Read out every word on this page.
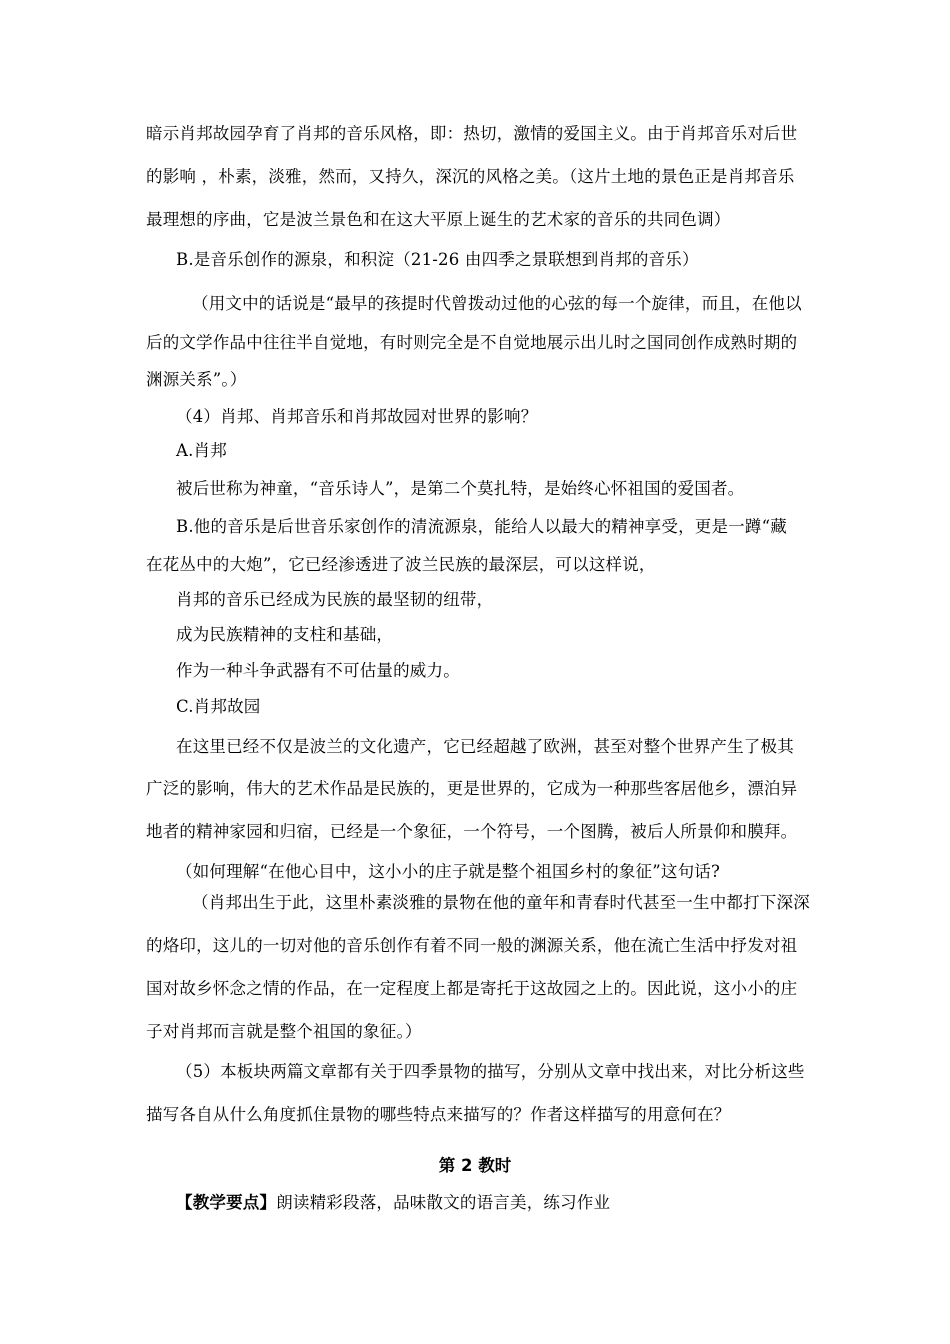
暗示肖邦故园孕育了肖邦的音乐风格，即：热切，激情的爱国主义。由于肖邦音乐对后世
的影响 ，朴素，淡雅，然而，又持久，深沉的风格之美。（这片土地的景色正是肖邦音乐
最理想的序曲，它是波兰景色和在这大平原上诞生的艺术家的音乐的共同色调）
B.是音乐创作的源泉，和积淀（21-26 由四季之景联想到肖邦的音乐）
（用文中的话说是“最早的孩提时代曾拨动过他的心弦的每一个旋律，而且，在他以
后的文学作品中往往半自觉地，有时则完全是不自觉地展示出儿时之国同创作成熟时期的
渊源关系”。）
（4）肖邦、肖邦音乐和肖邦故园对世界的影响？
A.肖邦
被后世称为神童，“音乐诗人”，是第二个莫扎特，是始终心怀祖国的爱国者。
B.他的音乐是后世音乐家创作的清流源泉，能给人以最大的精神享受，更是一蹲“藏
在花丛中的大炮”，它已经渗透进了波兰民族的最深层，可以这样说，
肖邦的音乐已经成为民族的最坚韧的纽带，
成为民族精神的支柱和基础，
作为一种斗争武器有不可估量的威力。
C.肖邦故园
在这里已经不仅是波兰的文化遗产，它已经超越了欧洲，甚至对整个世界产生了极其
广泛的影响，伟大的艺术作品是民族的，更是世界的，它成为一种那些客居他乡，漂泊异
地者的精神家园和归宿，已经是一个象征，一个符号，一个图腾，被后人所景仰和膜拜。
（如何理解“在他心目中，这小小的庄子就是整个祖国乡村的象征”这句话?
（肖邦出生于此，这里朴素淡雅的景物在他的童年和青春时代甚至一生中都打下深深
的烙印，这儿的一切对他的音乐创作有着不同一般的渊源关系，他在流亡生活中抒发对祖
国对故乡怀念之情的作品，在一定程度上都是寄托于这故园之上的。因此说，这小小的庄
子对肖邦而言就是整个祖国的象征。）
（5）本板块两篇文章都有关于四季景物的描写，分别从文章中找出来，对比分析这些
描写各自从什么角度抓住景物的哪些特点来描写的？作者这样描写的用意何在？
第 2 教时
【教学要点】朗读精彩段落，品味散文的语言美，练习作业
